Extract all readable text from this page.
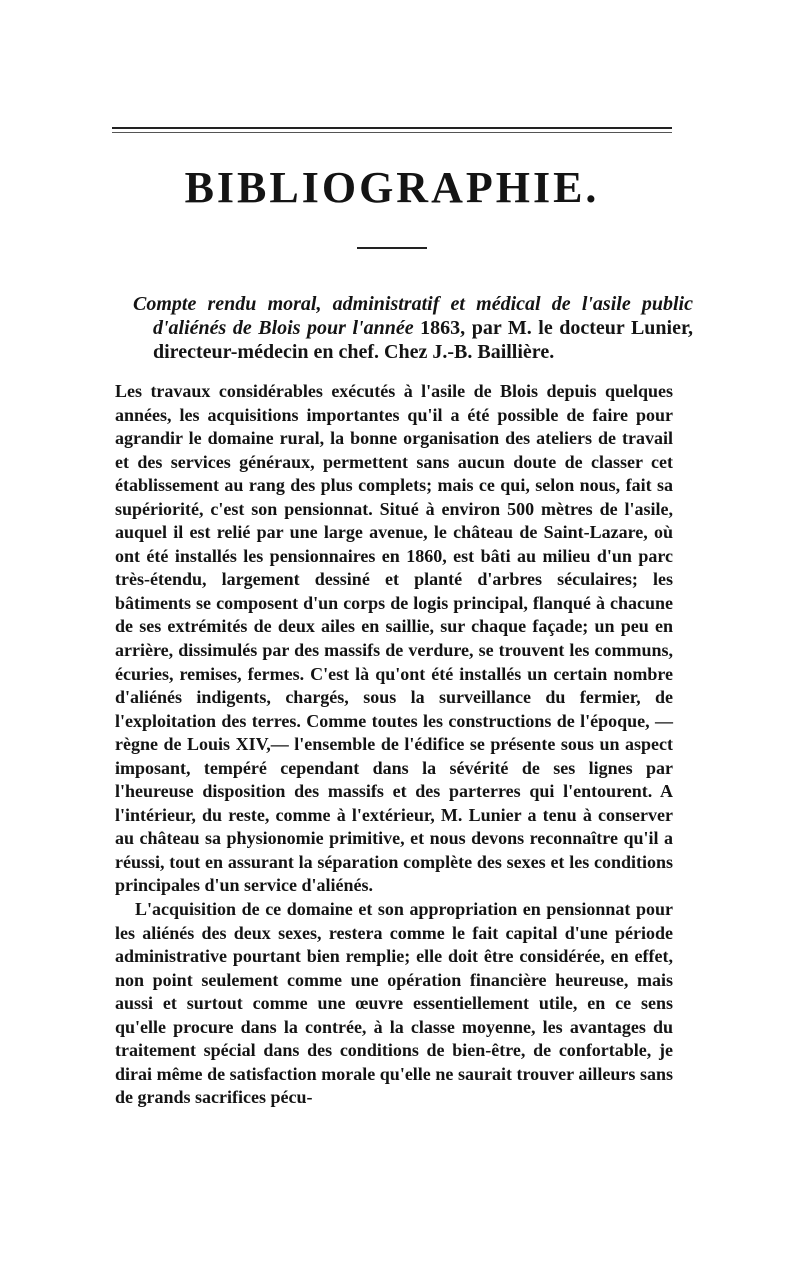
BIBLIOGRAPHIE.

Compte rendu moral, administratif et médical de l'asile public d'aliénés de Blois pour l'année 1863, par M. le docteur Lunier, directeur-médecin en chef. Chez J.-B. Baillière.

Les travaux considérables exécutés à l'asile de Blois depuis quelques années, les acquisitions importantes qu'il a été possible de faire pour agrandir le domaine rural, la bonne organisation des ateliers de travail et des services généraux, permettent sans aucun doute de classer cet établissement au rang des plus complets; mais ce qui, selon nous, fait sa supériorité, c'est son pensionnat. Situé à environ 500 mètres de l'asile, auquel il est relié par une large avenue, le château de Saint-Lazare, où ont été installés les pensionnaires en 1860, est bâti au milieu d'un parc très-étendu, largement dessiné et planté d'arbres séculaires; les bâtiments se composent d'un corps de logis principal, flanqué à chacune de ses extrémités de deux ailes en saillie, sur chaque façade; un peu en arrière, dissimulés par des massifs de verdure, se trouvent les communs, écuries, remises, fermes. C'est là qu'ont été installés un certain nombre d'aliénés indigents, chargés, sous la surveillance du fermier, de l'exploitation des terres. Comme toutes les constructions de l'époque, — règne de Louis XIV,— l'ensemble de l'édifice se présente sous un aspect imposant, tempéré cependant dans la sévérité de ses lignes par l'heureuse disposition des massifs et des parterres qui l'entourent. A l'intérieur, du reste, comme à l'extérieur, M. Lunier a tenu à conserver au château sa physionomie primitive, et nous devons reconnaître qu'il a réussi, tout en assurant la séparation complète des sexes et les conditions principales d'un service d'aliénés.

L'acquisition de ce domaine et son appropriation en pensionnat pour les aliénés des deux sexes, restera comme le fait capital d'une période administrative pourtant bien remplie; elle doit être considérée, en effet, non point seulement comme une opération financière heureuse, mais aussi et surtout comme une œuvre essentiellement utile, en ce sens qu'elle procure dans la contrée, à la classe moyenne, les avantages du traitement spécial dans des conditions de bien-être, de confortable, je dirai même de satisfaction morale qu'elle ne saurait trouver ailleurs sans de grands sacrifices pécu-
